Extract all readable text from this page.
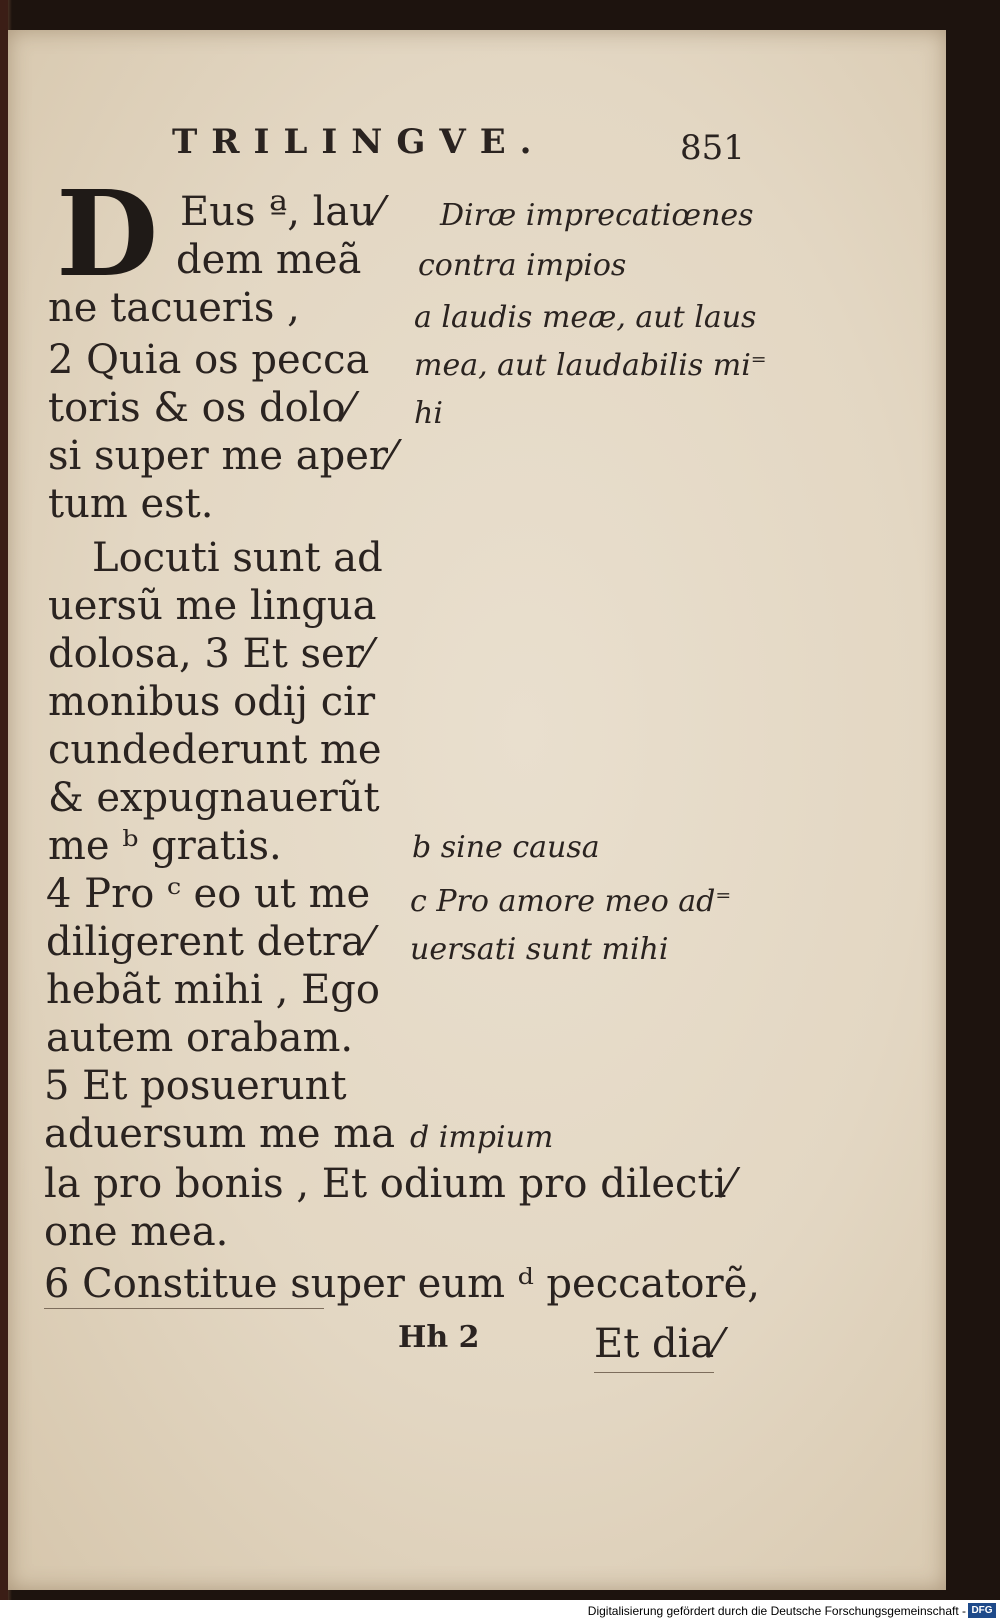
TRILINGVE.	851
D Eus ª, lau⁄
dem meã
ne tacueris ,
2 Quia os pecca
toris & os dolo⁄
si super me aper⁄
tum est.
Locuti sunt ad
uersũ me lingua
dolosa, 3 Et ser⁄
monibus odij cir
cundederunt me
& expugnauerũt
me ᵇ gratis.
4 Pro ᶜ eo ut me
diligerent detra⁄
hebãt mihi , Ego
autem orabam.
5 Et posuerunt
aduersum me ma
la pro bonis , Et odium pro dilecti⁄
one mea.
6 Constitue super eum ᵈ peccatorẽ,
Diræ imprecatiœnes
contra impios
a laudis meæ, aut laus
mea, aut laudabilis mi⁼
hi
b sine causa
c Pro amore meo ad⁼
uersati sunt mihi
d impium
Hh 2	Et dia⁄
Digitalisierung gefördert durch die Deutsche Forschungsgemeinschaft - DFG
